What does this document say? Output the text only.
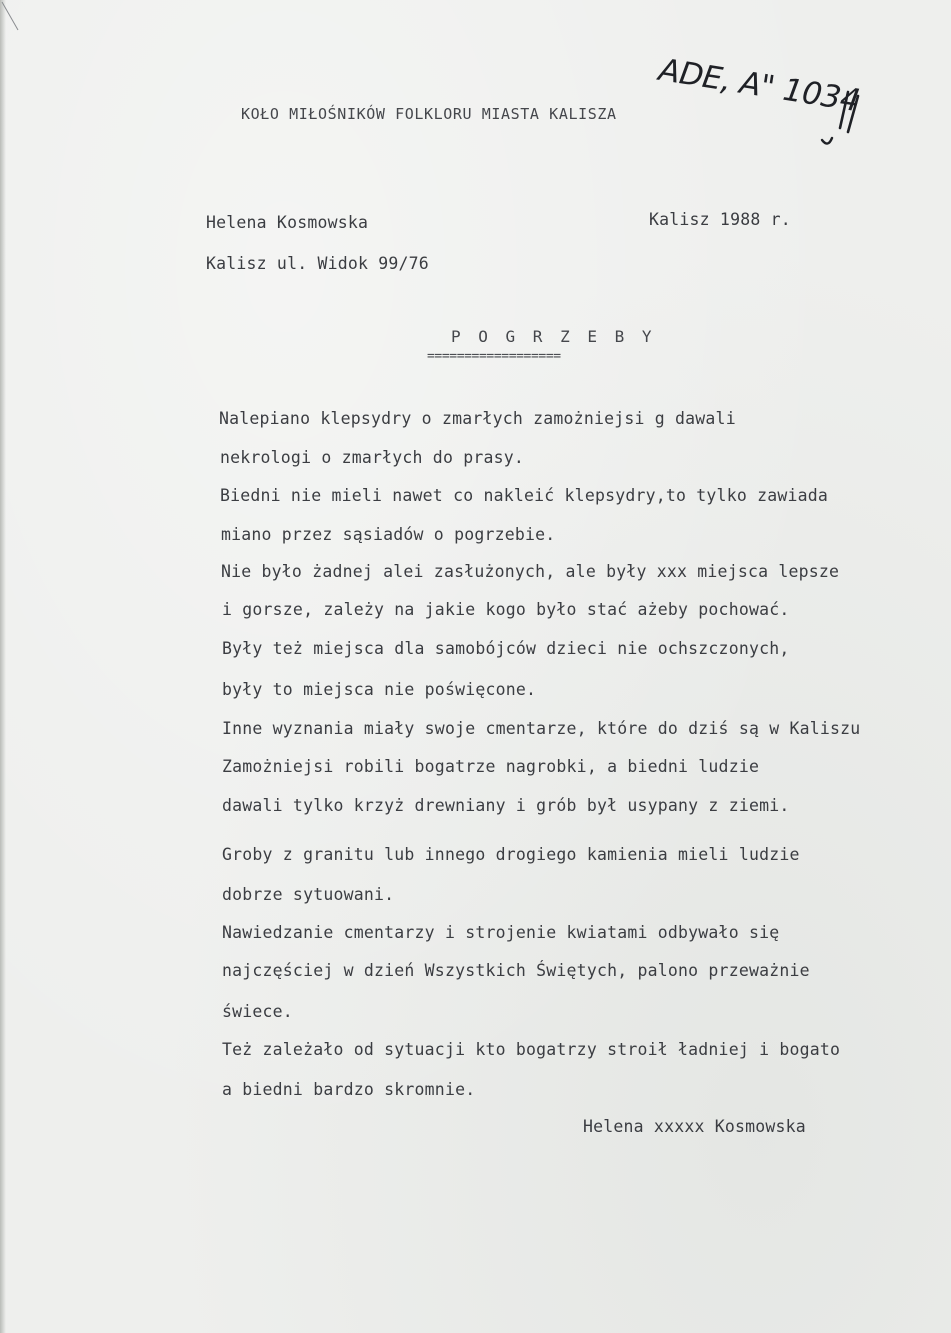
ADE, A" 1034
KOŁO MIŁOŚNIKÓW FOLKLORU MIASTA KALISZA
Helena Kosmowska	Kalisz 1988 r.
Kalisz ul. Widok 99/76
P O G R Z E B Y
==================
Nalepiano klepsydry o zmarłych zamożniejsi g dawali
nekrologi o zmarłych do prasy.
Biedni nie mieli nawet co nakleić klepsydry,to tylko zawiada
miano przez sąsiadów o pogrzebie.
Nie było żadnej alei zasłużonych, ale były xxx miejsca lepsze
i gorsze, zależy na jakie kogo było stać ażeby pochować.
Były też miejsca dla samobójców dzieci nie ochszczonych,
były to miejsca nie poświęcone.
Inne wyznania miały swoje cmentarze, które do dziś są w Kaliszu
Zamożniejsi robili bogatrze nagrobki, a biedni ludzie
dawali tylko krzyż drewniany i grób był usypany z ziemi.
Groby z granitu lub innego drogiego kamienia mieli ludzie
dobrze sytuowani.
Nawiedzanie cmentarzy i strojenie kwiatami odbywało się
najczęściej w dzień Wszystkich Świętych, palono przeważnie
świece.
Też zależało od sytuacji kto bogatrzy stroił ładniej i bogato
a biedni bardzo skromnie.
Helena xxxxx Kosmowska
